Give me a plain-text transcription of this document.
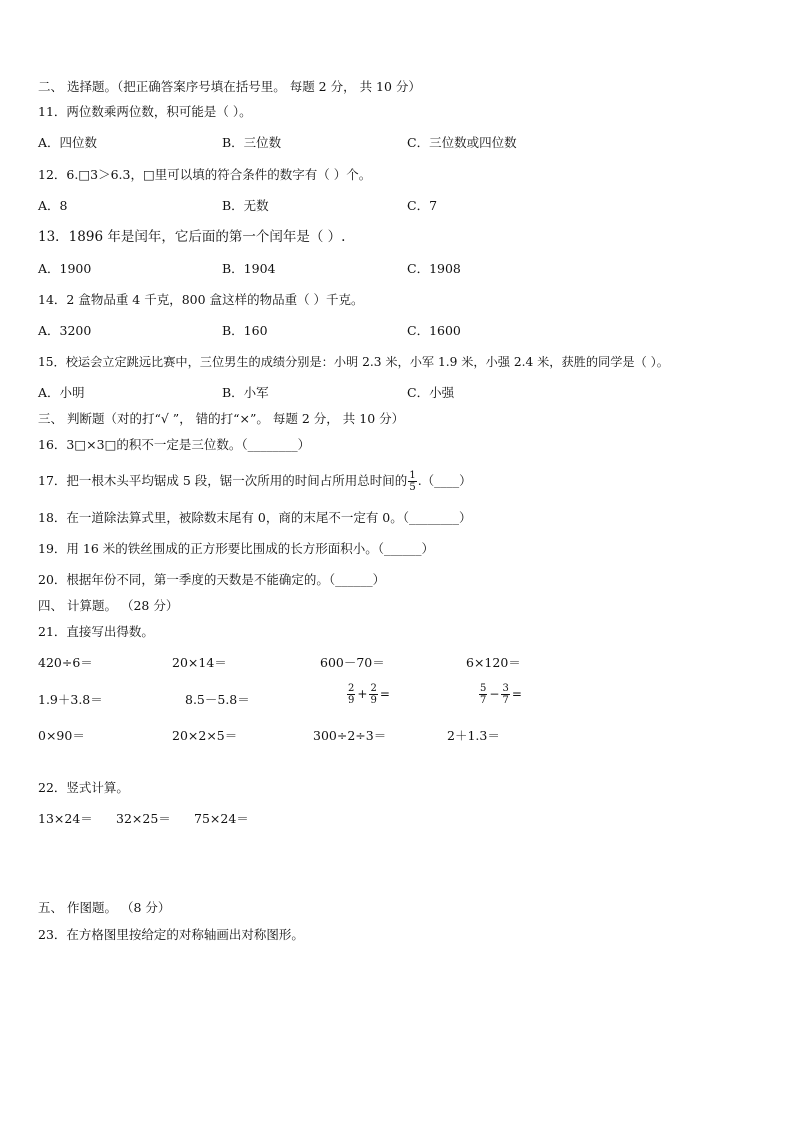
二、 选择题。（把正确答案序号填在括号里。 每题 2 分， 共 10 分）
11．两位数乘两位数，积可能是（ ）。
A．四位数	B．三位数	C．三位数或四位数
12．6.□3＞6.3，□里可以填的符合条件的数字有（ ）个。
A．8	B．无数	C．7
13．1896 年是闰年，它后面的第一个闰年是（ ）.
A．1900	B．1904	C．1908
14．2 盒物品重 4 千克，800 盒这样的物品重（ ）千克。
A．3200	B．160	C．1600
15．校运会立定跳远比赛中，三位男生的成绩分别是：小明 2.3 米，小军 1.9 米，小强 2.4 米，获胜的同学是（ ）。
A．小明	B．小军	C．小强
三、 判断题（对的打“√ ”， 错的打“×”。 每题 2 分， 共 10 分）
16．3□×3□的积不一定是三位数。（________）
17．把一根木头平均锯成 5 段，锯一次所用的时间占所用总时间的 $\frac{1}{5}$ .（____）
18．在一道除法算式里，被除数末尾有 0，商的末尾不一定有 0。（________）
19．用 16 米的铁丝围成的正方形要比围成的长方形面积小。（______）
20．根据年份不同，第一季度的天数是不能确定的。（______）
四、 计算题。 （28 分）
21．直接写出得数。
420÷6＝	20×14＝	600－70＝	6×120＝
1.9＋3.8＝	8.5－5.8＝	$\frac{2}{9} + \frac{2}{9}$ =	$\frac{5}{7} - \frac{3}{7}$ =
0×90＝	20×2×5＝	300÷2÷3＝	2＋1.3＝
22．竖式计算。
13×24＝ 32×25＝ 75×24＝
五、 作图题。 （8 分）
23．在方格图里按给定的对称轴画出对称图形。
